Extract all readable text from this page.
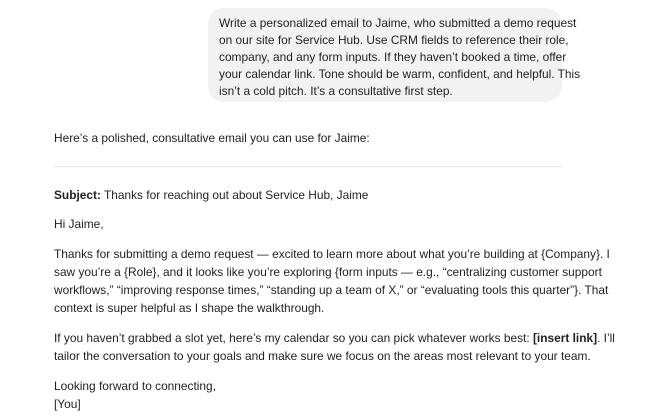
Write a personalized email to Jaime, who submitted a demo request
on our site for Service Hub. Use CRM fields to reference their role,
company, and any form inputs. If they haven’t booked a time, offer
your calendar link. Tone should be warm, confident, and helpful. This
isn’t a cold pitch. It’s a consultative first step.
Here’s a polished, consultative email you can use for Jaime:
Subject: Thanks for reaching out about Service Hub, Jaime
Hi Jaime,
Thanks for submitting a demo request — excited to learn more about what you’re building at {Company}. I
saw you’re a {Role}, and it looks like you’re exploring {form inputs — e.g., “centralizing customer support
workflows,” “improving response times,” “standing up a team of X,” or “evaluating tools this quarter”}. That
context is super helpful as I shape the walkthrough.
If you haven’t grabbed a slot yet, here’s my calendar so you can pick whatever works best: [insert link]. I’ll
tailor the conversation to your goals and make sure we focus on the areas most relevant to your team.
Looking forward to connecting,
[You]
